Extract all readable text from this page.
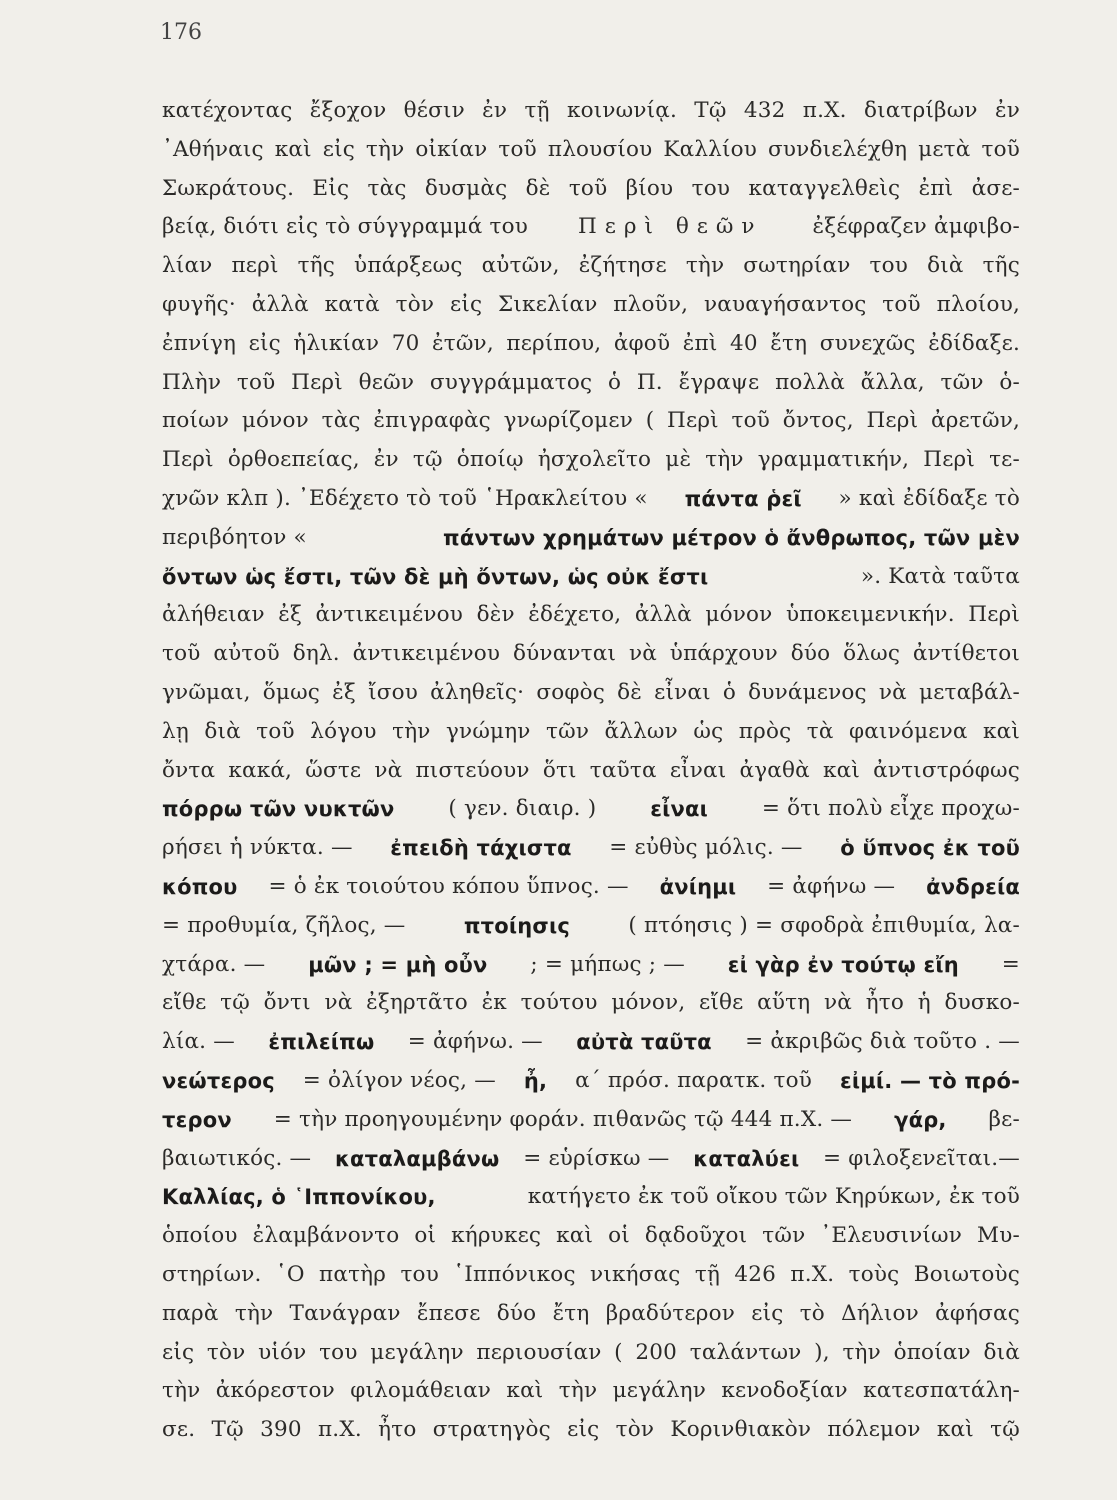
176
κατέχοντας ἔξοχον θέσιν ἐν τῇ κοινωνίᾳ. Τῷ 432 π.Χ. διατρίβων ἐν
᾿Αθήναις καὶ εἰς τὴν οἰκίαν τοῦ πλουσίου Καλλίου συνδιελέχθη μετὰ τοῦ
Σωκράτους. Εἰς τὰς δυσμὰς δὲ τοῦ βίου του καταγγελθεὶς ἐπὶ ἀσε-
βείᾳ, διότι εἰς τὸ σύγγραμμά του Περὶ θεῶν ἐξέφραζεν ἀμφιβο-
λίαν περὶ τῆς ὑπάρξεως αὐτῶν, ἐζήτησε τὴν σωτηρίαν του διὰ τῆς
φυγῆς· ἀλλὰ κατὰ τὸν εἰς Σικελίαν πλοῦν, ναυαγήσαντος τοῦ πλοίου,
ἐπνίγη εἰς ἡλικίαν 70 ἐτῶν, περίπου, ἀφοῦ ἐπὶ 40 ἔτη συνεχῶς ἐδίδαξε.
Πλὴν τοῦ Περὶ θεῶν συγγράμματος ὁ Π. ἔγραψε πολλὰ ἄλλα, τῶν ὁ-
ποίων μόνον τὰς ἐπιγραφὰς γνωρίζομεν ( Περὶ τοῦ ὄντος, Περὶ ἀρετῶν,
Περὶ ὀρθοεπείας, ἐν τῷ ὁποίῳ ἠσχολεῖτο μὲ τὴν γραμματικήν, Περὶ τε-
χνῶν κλπ ). ᾿Εδέχετο τὸ τοῦ ῾Ηρακλείτου « πάντα ῥεῖ » καὶ ἐδίδαξε τὸ
περιβόητον «	πάντων χρημάτων μέτρον ὁ ἄνθρωπος, τῶν μὲν
ὄντων ὡς ἔστι, τῶν δὲ μὴ ὄντων, ὡς οὐκ ἔστι	». Κατὰ ταῦτα
ἀλήθειαν ἐξ ἀντικειμένου δὲν ἐδέχετο, ἀλλὰ μόνον ὑποκειμενικήν. Περὶ
τοῦ αὐτοῦ δηλ. ἀντικειμένου δύνανται νὰ ὑπάρχουν δύο ὅλως ἀντίθετοι
γνῶμαι, ὅμως ἐξ ἴσου ἀληθεῖς· σοφὸς δὲ εἶναι ὁ δυνάμενος νὰ μεταβάλ-
λῃ διὰ τοῦ λόγου τὴν γνώμην τῶν ἄλλων ὡς πρὸς τὰ φαινόμενα καὶ
ὄντα κακά, ὥστε νὰ πιστεύουν ὅτι ταῦτα εἶναι ἀγαθὰ καὶ ἀντιστρόφως
πόρρω τῶν νυκτῶν	( γεν. διαιρ. )	εἶναι	= ὅτι πολὺ εἶχε προχω-
ρήσει ἡ νύκτα. — ἐπειδὴ τάχιστα = εὐθὺς μόλις. — ὁ ὕπνος ἐκ τοῦ
κόπου = ὁ ἐκ τοιούτου κόπου ὕπνος. — ἀνίημι = ἀφήνω — ἀνδρεία
= προθυμία, ζῆλος, —	πτοίησις	( πτόησις ) = σφοδρὰ ἐπιθυμία, λα-
χτάρα. — μῶν ; = μὴ οὖν ; = μήπως ; — εἰ γὰρ ἐν τούτῳ εἴη =
εἴθε τῷ ὄντι νὰ ἐξηρτᾶτο ἐκ τούτου μόνον, εἴθε αὕτη νὰ ἦτο ἡ δυσκο-
λία. — ἐπιλείπω = ἀφήνω. — αὐτὰ ταῦτα = ἀκριβῶς διὰ τοῦτο . —
νεώτερος = ὀλίγον νέος, — ἦ, α΄ πρόσ. παρατκ. τοῦ εἰμί. — τὸ πρό-
τερον = τὴν προηγουμένην φοράν. πιθανῶς τῷ 444 π.Χ. — γάρ, βε-
βαιωτικός. — καταλαμβάνω = εὑρίσκω — καταλύει = φιλοξενεῖται.—
Καλλίας, ὁ ῾Ιππονίκου,	κατήγετο ἐκ τοῦ οἴκου τῶν Κηρύκων, ἐκ τοῦ
ὁποίου ἐλαμβάνοντο οἱ κήρυκες καὶ οἱ δᾳδοῦχοι τῶν ᾿Ελευσινίων Μυ-
στηρίων. ῾Ο πατὴρ του ῾Ιππόνικος νικήσας τῇ 426 π.Χ. τοὺς Βοιωτοὺς
παρὰ τὴν Τανάγραν ἔπεσε δύο ἔτη βραδύτερον εἰς τὸ Δήλιον ἀφήσας
εἰς τὸν υἱόν του μεγάλην περιουσίαν ( 200 ταλάντων ), τὴν ὁποίαν διὰ
τὴν ἀκόρεστον φιλομάθειαν καὶ τὴν μεγάλην κενοδοξίαν κατεσπατάλη-
σε. Τῷ 390 π.Χ. ἦτο στρατηγὸς εἰς τὸν Κορινθιακὸν πόλεμον καὶ τῷ
